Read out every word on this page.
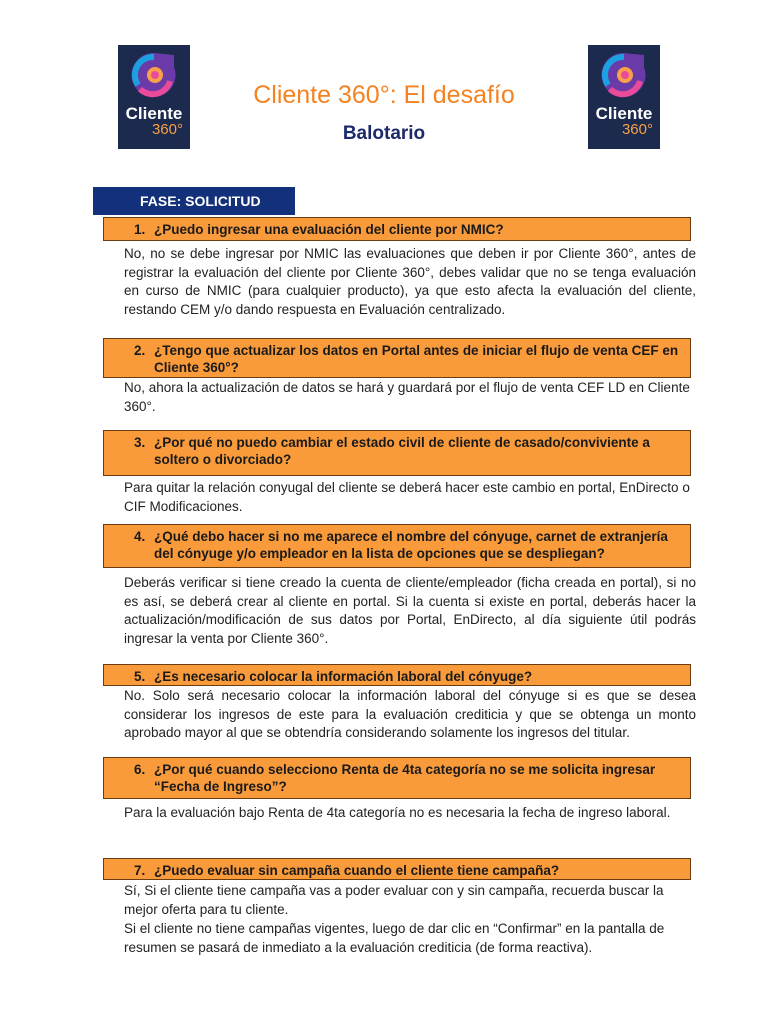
Cliente
360°
Cliente
360°
Cliente 360°: El desafío
Balotario
FASE: SOLICITUD
1. ¿Puedo ingresar una evaluación del cliente por NMIC?
No, no se debe ingresar por NMIC las evaluaciones que deben ir por Cliente 360°, antes de registrar la evaluación del cliente por Cliente 360°, debes validar que no se tenga evaluación en curso de NMIC (para cualquier producto), ya que esto afecta la evaluación del cliente, restando CEM y/o dando respuesta en Evaluación centralizado.
2. ¿Tengo que actualizar los datos en Portal antes de iniciar el flujo de venta CEF en Cliente 360°?
No, ahora la actualización de datos se hará y guardará por el flujo de venta CEF LD en Cliente 360°.
3. ¿Por qué no puedo cambiar el estado civil de cliente de casado/conviviente a soltero o divorciado?
Para quitar la relación conyugal del cliente se deberá hacer este cambio en portal, EnDirecto o CIF Modificaciones.
4. ¿Qué debo hacer si no me aparece el nombre del cónyuge, carnet de extranjería del cónyuge y/o empleador en la lista de opciones que se despliegan?
Deberás verificar si tiene creado la cuenta de cliente/empleador (ficha creada en portal), si no es así, se deberá crear al cliente en portal. Si la cuenta si existe en portal, deberás hacer la actualización/modificación de sus datos por Portal, EnDirecto, al día siguiente útil podrás ingresar la venta por Cliente 360°.
5. ¿Es necesario colocar la información laboral del cónyuge?
No. Solo será necesario colocar la información laboral del cónyuge si es que se desea considerar los ingresos de este para la evaluación crediticia y que se obtenga un monto aprobado mayor al que se obtendría considerando solamente los ingresos del titular.
6. ¿Por qué cuando selecciono Renta de 4ta categoría no se me solicita ingresar “Fecha de Ingreso”?
Para la evaluación bajo Renta de 4ta categoría no es necesaria la fecha de ingreso laboral.
7. ¿Puedo evaluar sin campaña cuando el cliente tiene campaña?
Sí, Si el cliente tiene campaña vas a poder evaluar con y sin campaña, recuerda buscar la mejor oferta para tu cliente.
Si el cliente no tiene campañas vigentes, luego de dar clic en “Confirmar” en la pantalla de resumen se pasará de inmediato a la evaluación crediticia (de forma reactiva).
